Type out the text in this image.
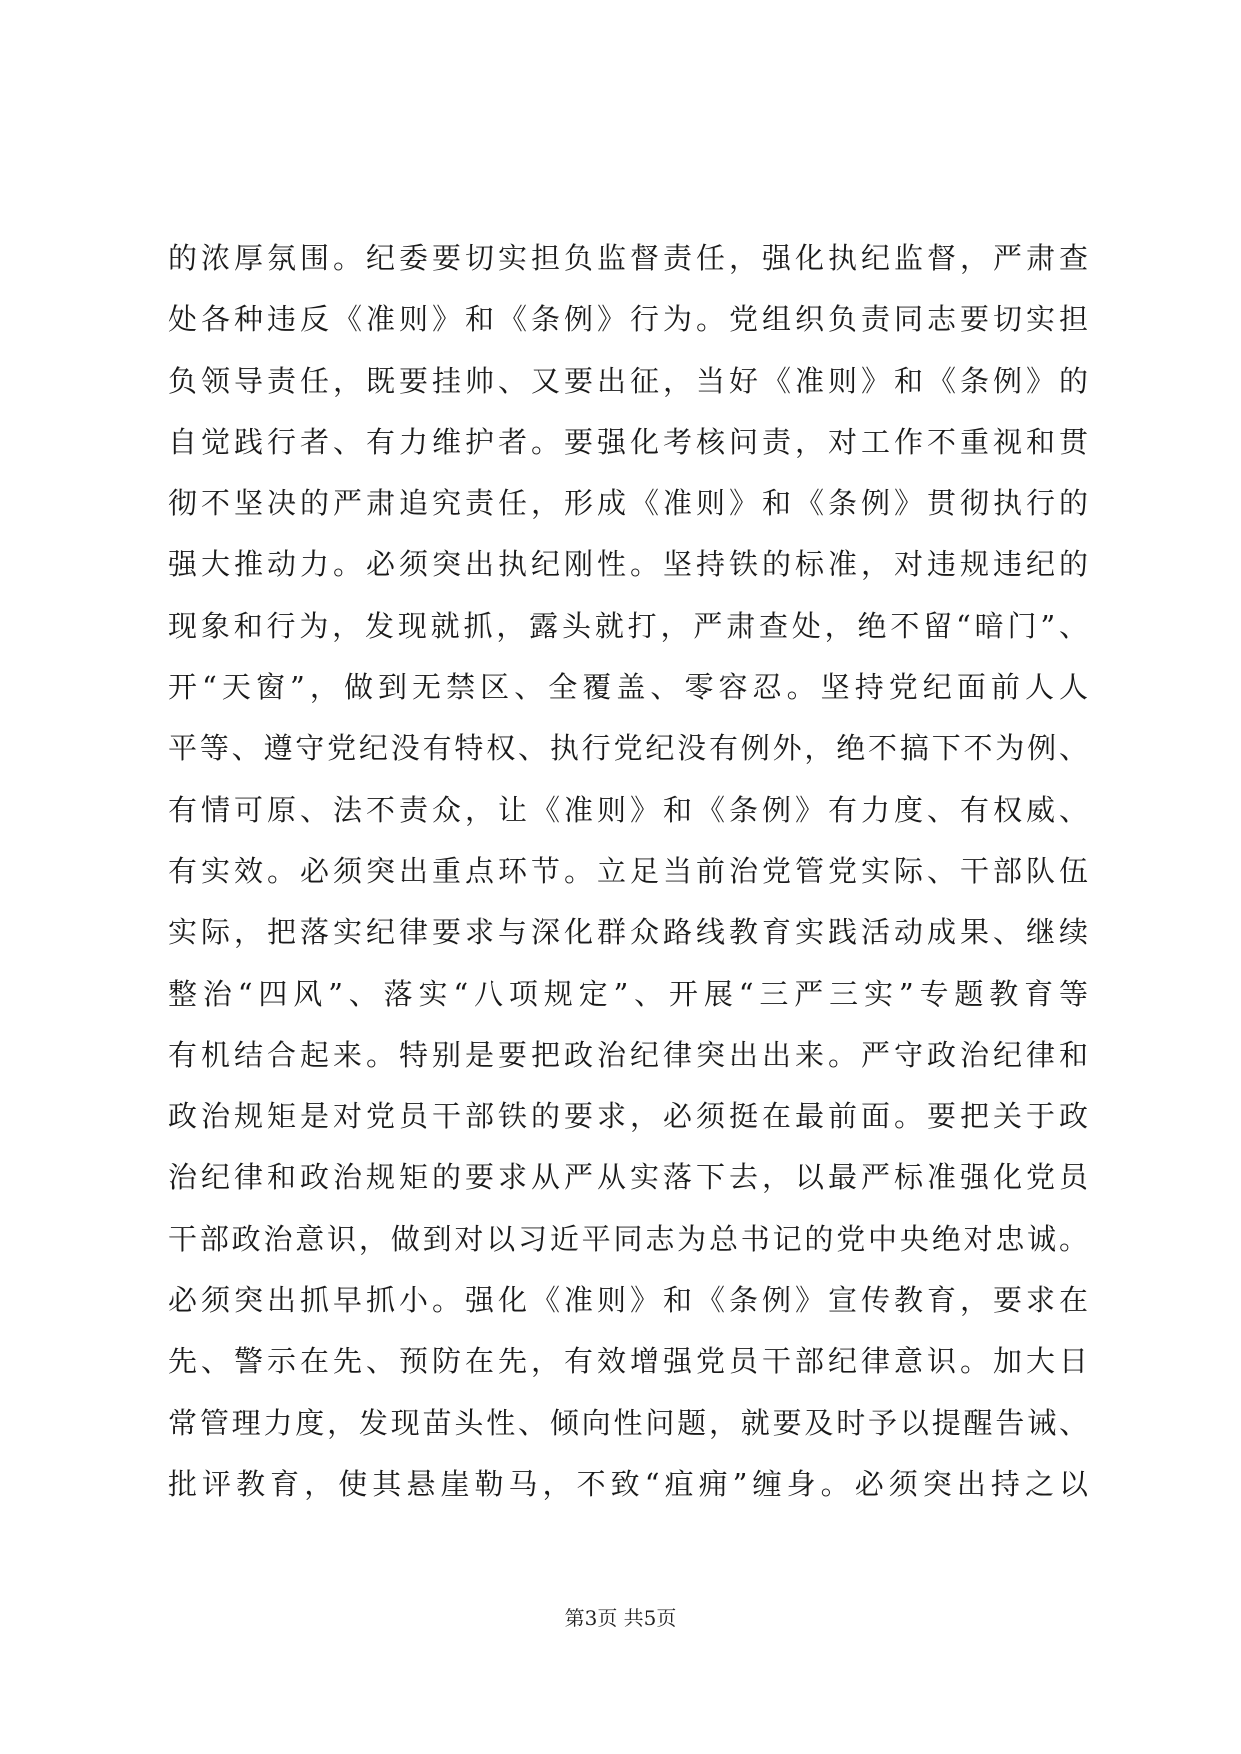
的浓厚氛围。纪委要切实担负监督责任，强化执纪监督，严肃查
处各种违反《准则》和《条例》行为。党组织负责同志要切实担
负领导责任，既要挂帅、又要出征，当好《准则》和《条例》的
自觉践行者、有力维护者。要强化考核问责，对工作不重视和贯
彻不坚决的严肃追究责任，形成《准则》和《条例》贯彻执行的
强大推动力。必须突出执纪刚性。坚持铁的标准，对违规违纪的
现象和行为，发现就抓，露头就打，严肃查处，绝不留“暗门”、
开“天窗”，做到无禁区、全覆盖、零容忍。坚持党纪面前人人
平等、遵守党纪没有特权、执行党纪没有例外，绝不搞下不为例、
有情可原、法不责众，让《准则》和《条例》有力度、有权威、
有实效。必须突出重点环节。立足当前治党管党实际、干部队伍
实际，把落实纪律要求与深化群众路线教育实践活动成果、继续
整治“四风”、落实“八项规定”、开展“三严三实”专题教育等
有机结合起来。特别是要把政治纪律突出出来。严守政治纪律和
政治规矩是对党员干部铁的要求，必须挺在最前面。要把关于政
治纪律和政治规矩的要求从严从实落下去，以最严标准强化党员
干部政治意识，做到对以习近平同志为总书记的党中央绝对忠诚。
必须突出抓早抓小。强化《准则》和《条例》宣传教育，要求在
先、警示在先、预防在先，有效增强党员干部纪律意识。加大日
常管理力度，发现苗头性、倾向性问题，就要及时予以提醒告诫、
批评教育，使其悬崖勒马，不致“疽痈”缠身。必须突出持之以
第3页 共5页
